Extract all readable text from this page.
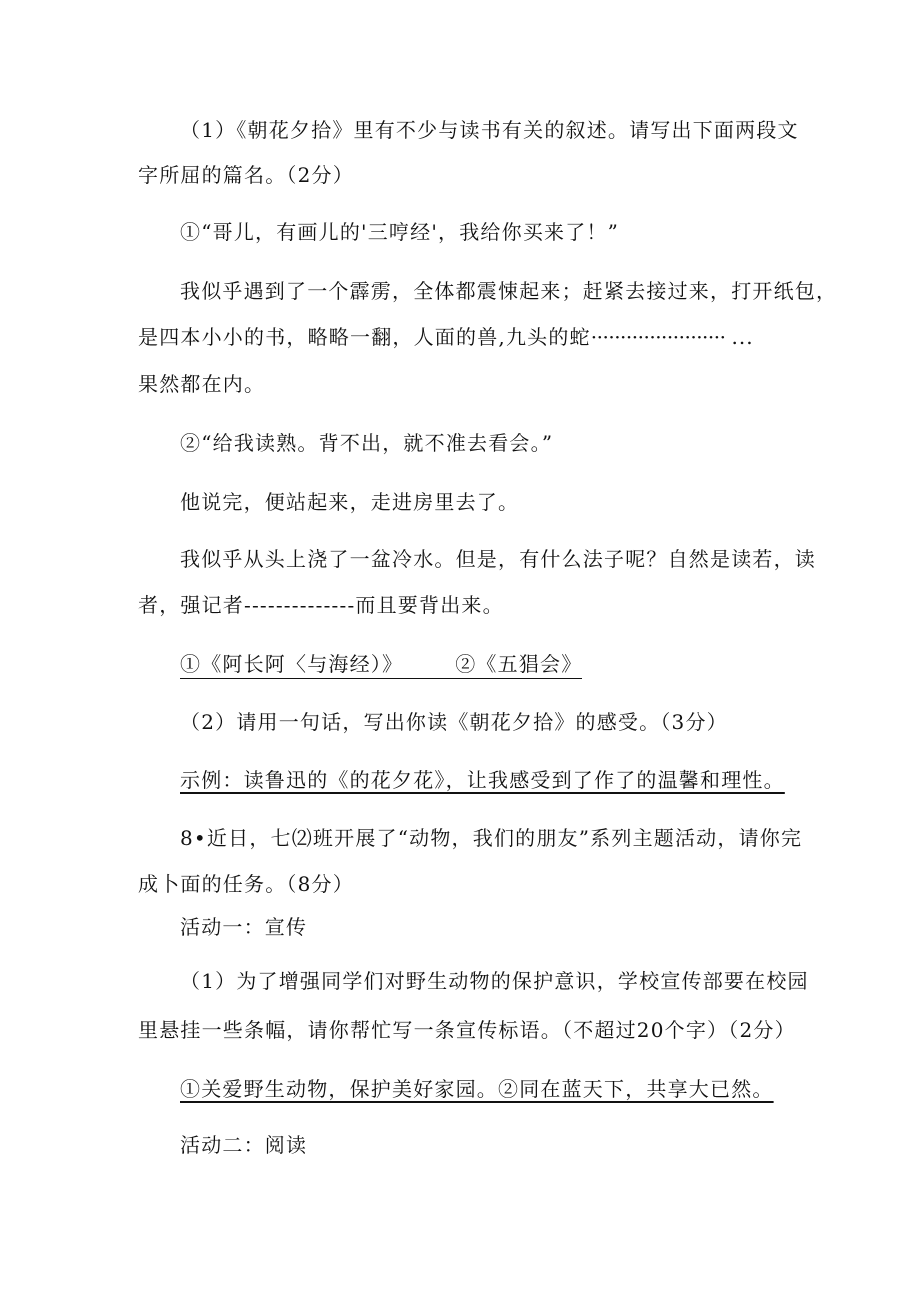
（1）《朝花夕拾》里有不少与读书有关的叙述。请写出下面两段文
字所屈的篇名。（2分）
①“哥儿，有画儿的'三哼经'，我给你买来了！”
我似乎遇到了一个霹雳，全体都震悚起来；赶紧去接过来，打开纸包，
是四本小小的书，略略一翻，人面的兽,九头的蛇······················· ...
果然都在内。
②“给我读熟。背不出，就不准去看会。”
他说完，便站起来，走进房里去了。
我似乎从头上浇了一盆冷水。但是，有什么法子呢？自然是读若，读
者，强记者--------------而且要背出来。
①《阿长阿〈与海经）》	②《五猖会》
（2）请用一句话，写出你读《朝花夕拾》的感受。（3分）
示例：读鲁迅的《的花夕花》，让我感受到了作了的温馨和理性。
8•近日，七⑵班开展了“动物，我们的朋友”系列主题活动，请你完
成卜面的任务。（8分）
活动一：宣传
（1）为了增强同学们对野生动物的保护意识，学校宣传部要在校园
里悬挂一些条幅，请你帮忙写一条宣传标语。（不超过20个字）（2分）
①关爱野生动物，保护美好家园。②同在蓝天下，共享大已然。
活动二：阅读
